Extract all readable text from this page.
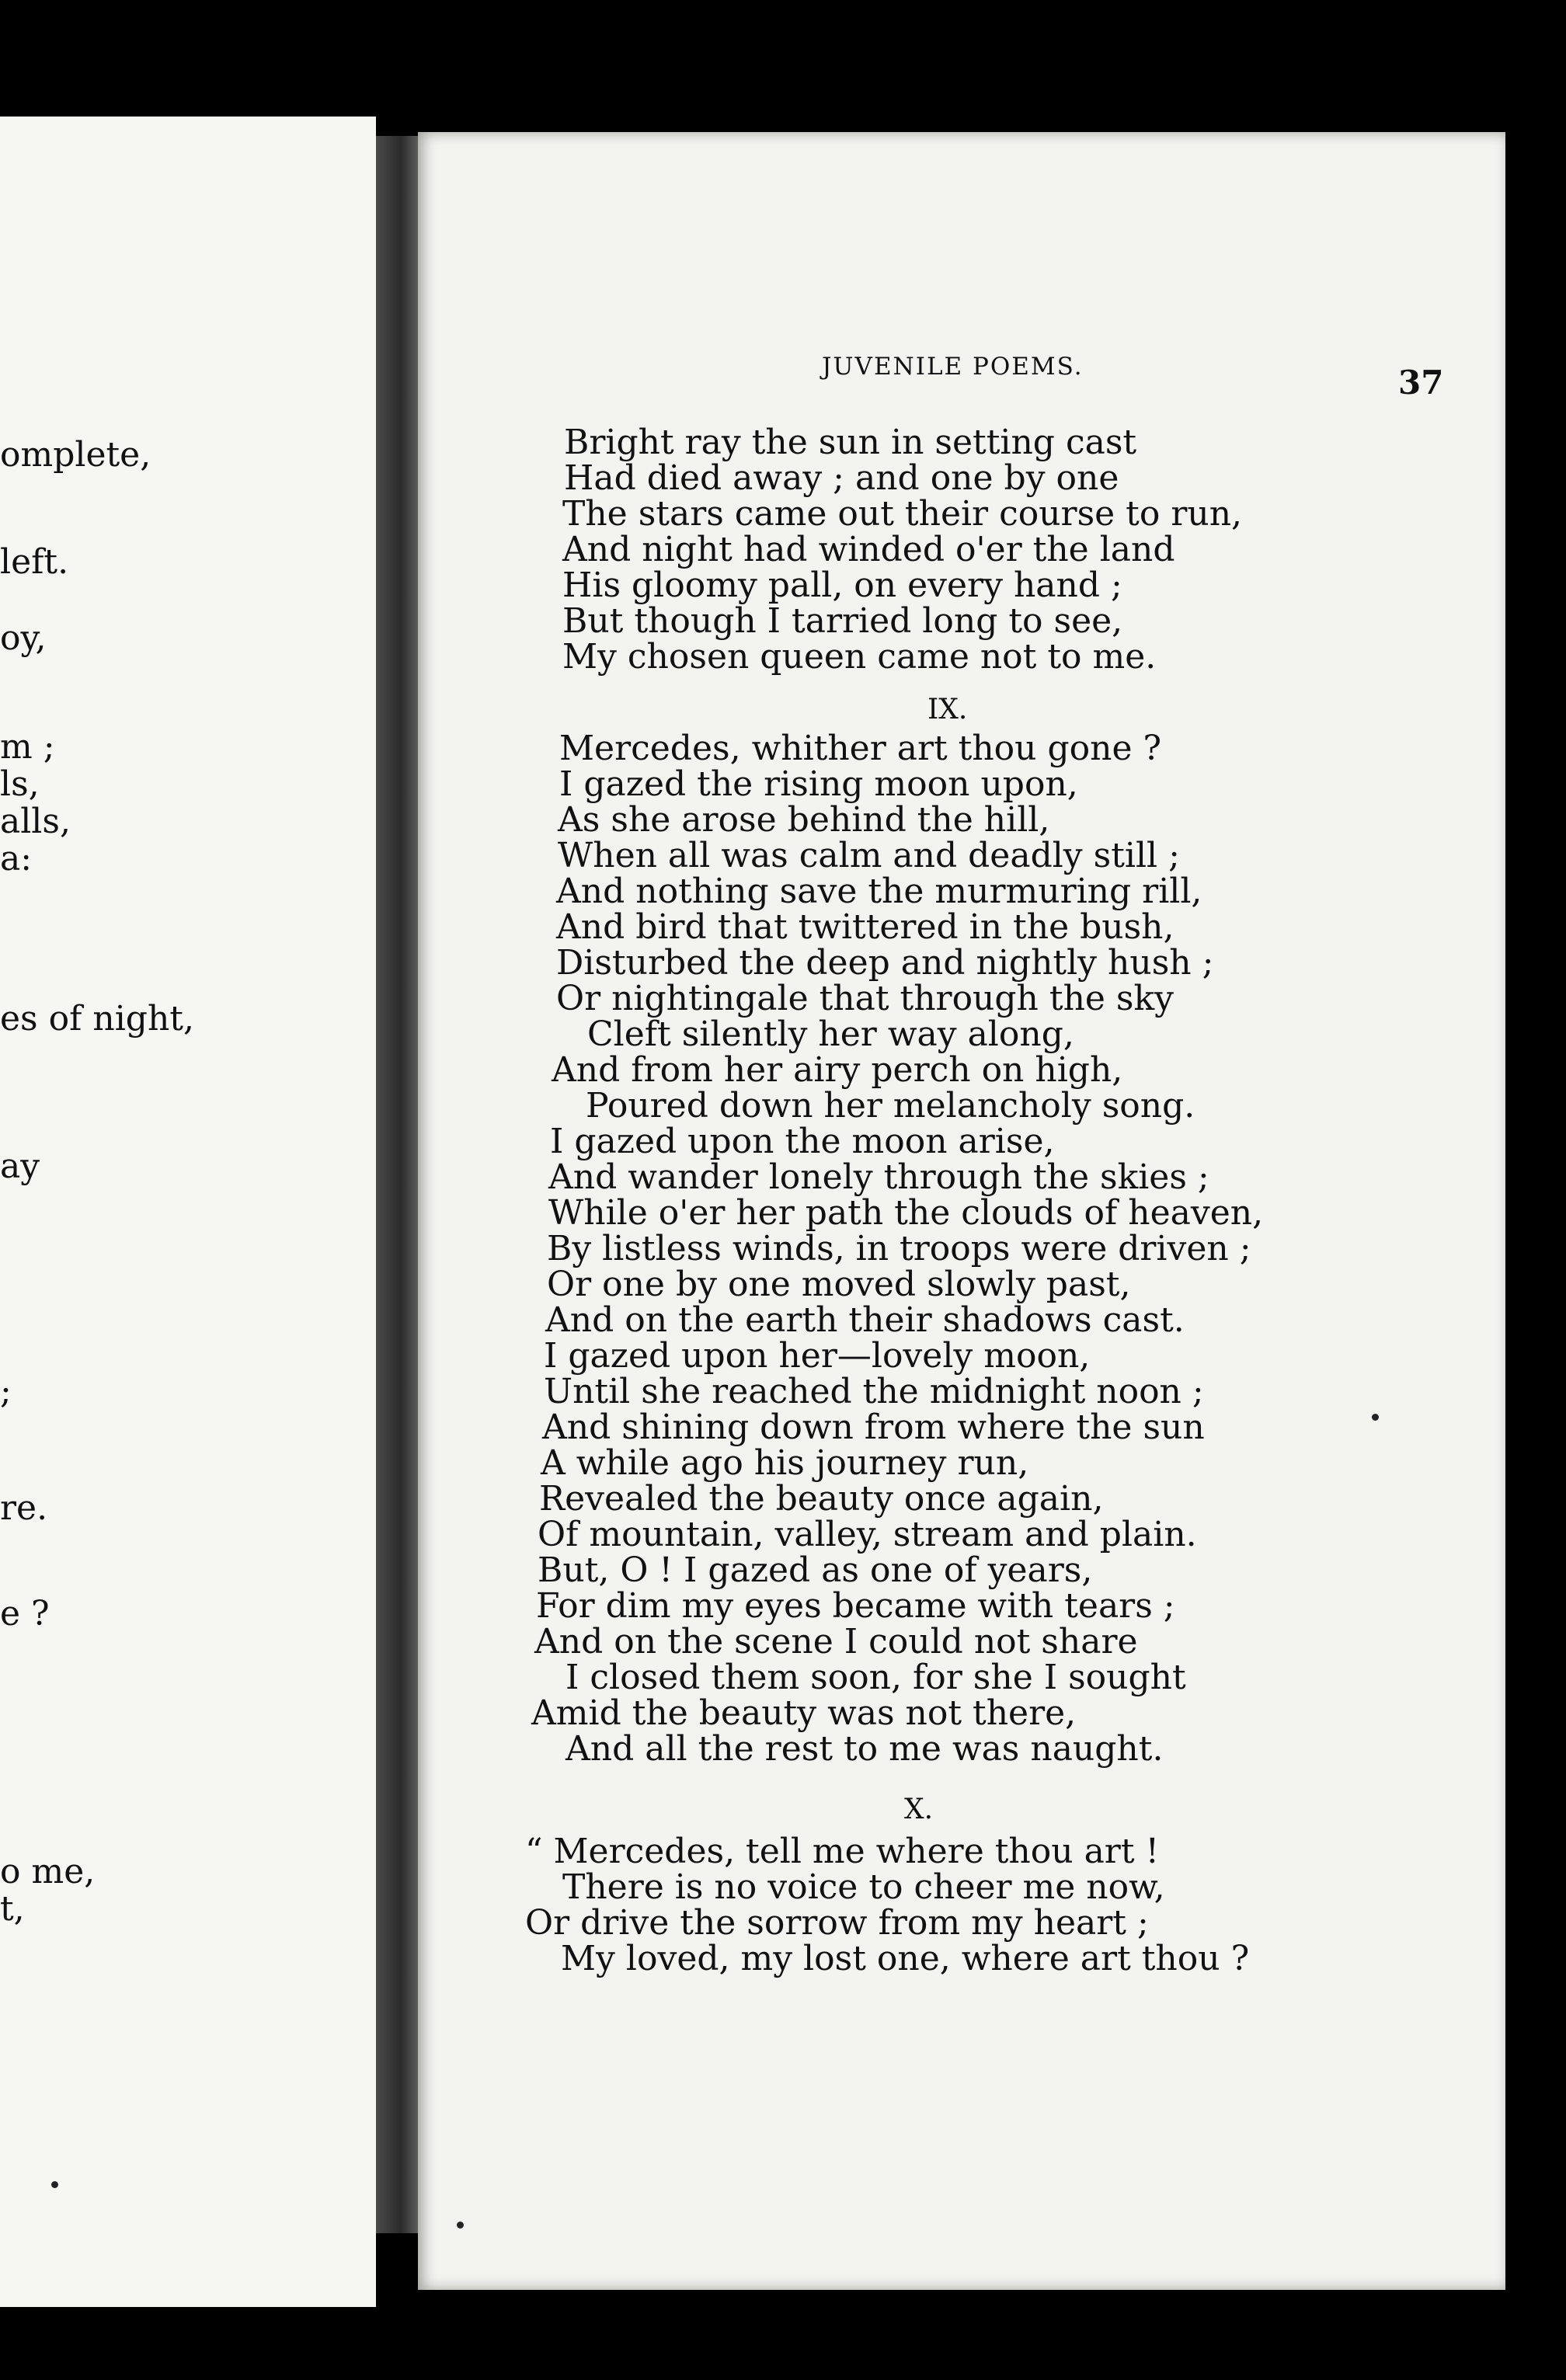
omplete,
left.
oy,
m ;
ls,
alls,
a:
es of night,
ay
;
re.
e ?
o me,
t,
JUVENILE POEMS.	37
Bright ray the sun in setting cast
Had died away ; and one by one
The stars came out their course to run,
And night had winded o'er the land
His gloomy pall, on every hand ;
But though I tarried long to see,
My chosen queen came not to me.
IX.
Mercedes, whither art thou gone ?
I gazed the rising moon upon,
As she arose behind the hill,
When all was calm and deadly still ;
And nothing save the murmuring rill,
And bird that twittered in the bush,
Disturbed the deep and nightly hush ;
Or nightingale that through the sky
Cleft silently her way along,
And from her airy perch on high,
Poured down her melancholy song.
I gazed upon the moon arise,
And wander lonely through the skies ;
While o'er her path the clouds of heaven,
By listless winds, in troops were driven ;
Or one by one moved slowly past,
And on the earth their shadows cast.
I gazed upon her—lovely moon,
Until she reached the midnight noon ;
And shining down from where the sun
A while ago his journey run,
Revealed the beauty once again,
Of mountain, valley, stream and plain.
But, O ! I gazed as one of years,
For dim my eyes became with tears ;
And on the scene I could not share
I closed them soon, for she I sought
Amid the beauty was not there,
And all the rest to me was naught.
X.
“ Mercedes, tell me where thou art !
There is no voice to cheer me now,
Or drive the sorrow from my heart ;
My loved, my lost one, where art thou ?
